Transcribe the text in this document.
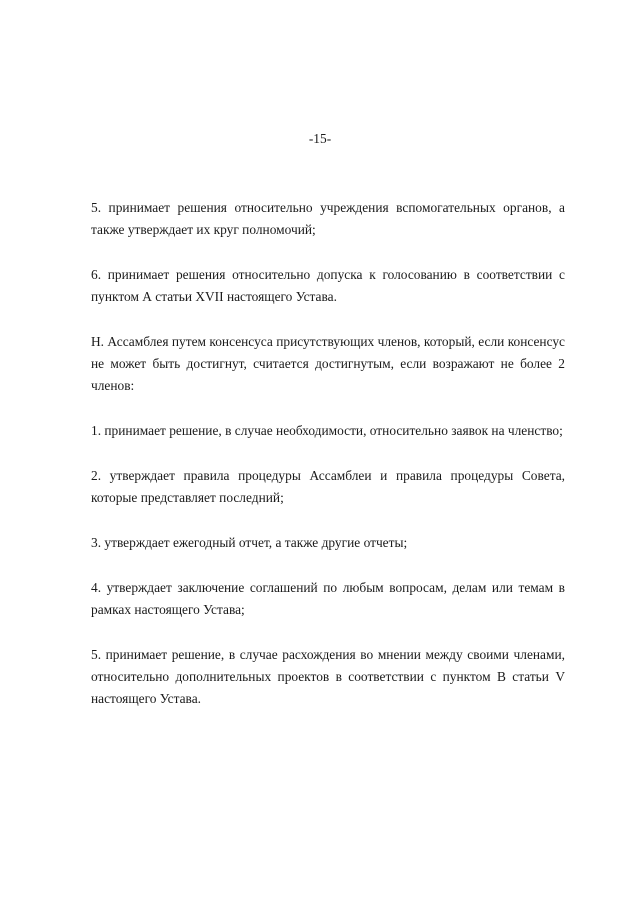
-15-

5. принимает решения относительно учреждения вспомогательных органов, а также утверждает их круг полномочий;

6. принимает решения относительно допуска к голосованию в соответствии с пунктом А статьи XVII настоящего Устава.

H. Ассамблея путем консенсуса присутствующих членов, который, если консенсус не может быть достигнут, считается достигнутым, если возражают не более 2 членов:

1. принимает решение, в случае необходимости, относительно заявок на членство;

2. утверждает правила процедуры Ассамблеи и правила процедуры Совета, которые представляет последний;

3. утверждает ежегодный отчет, а также другие отчеты;

4. утверждает заключение соглашений по любым вопросам, делам или темам в рамках настоящего Устава;

5. принимает решение, в случае расхождения во мнении между своими членами, относительно дополнительных проектов в соответствии с пунктом B статьи V настоящего Устава.
